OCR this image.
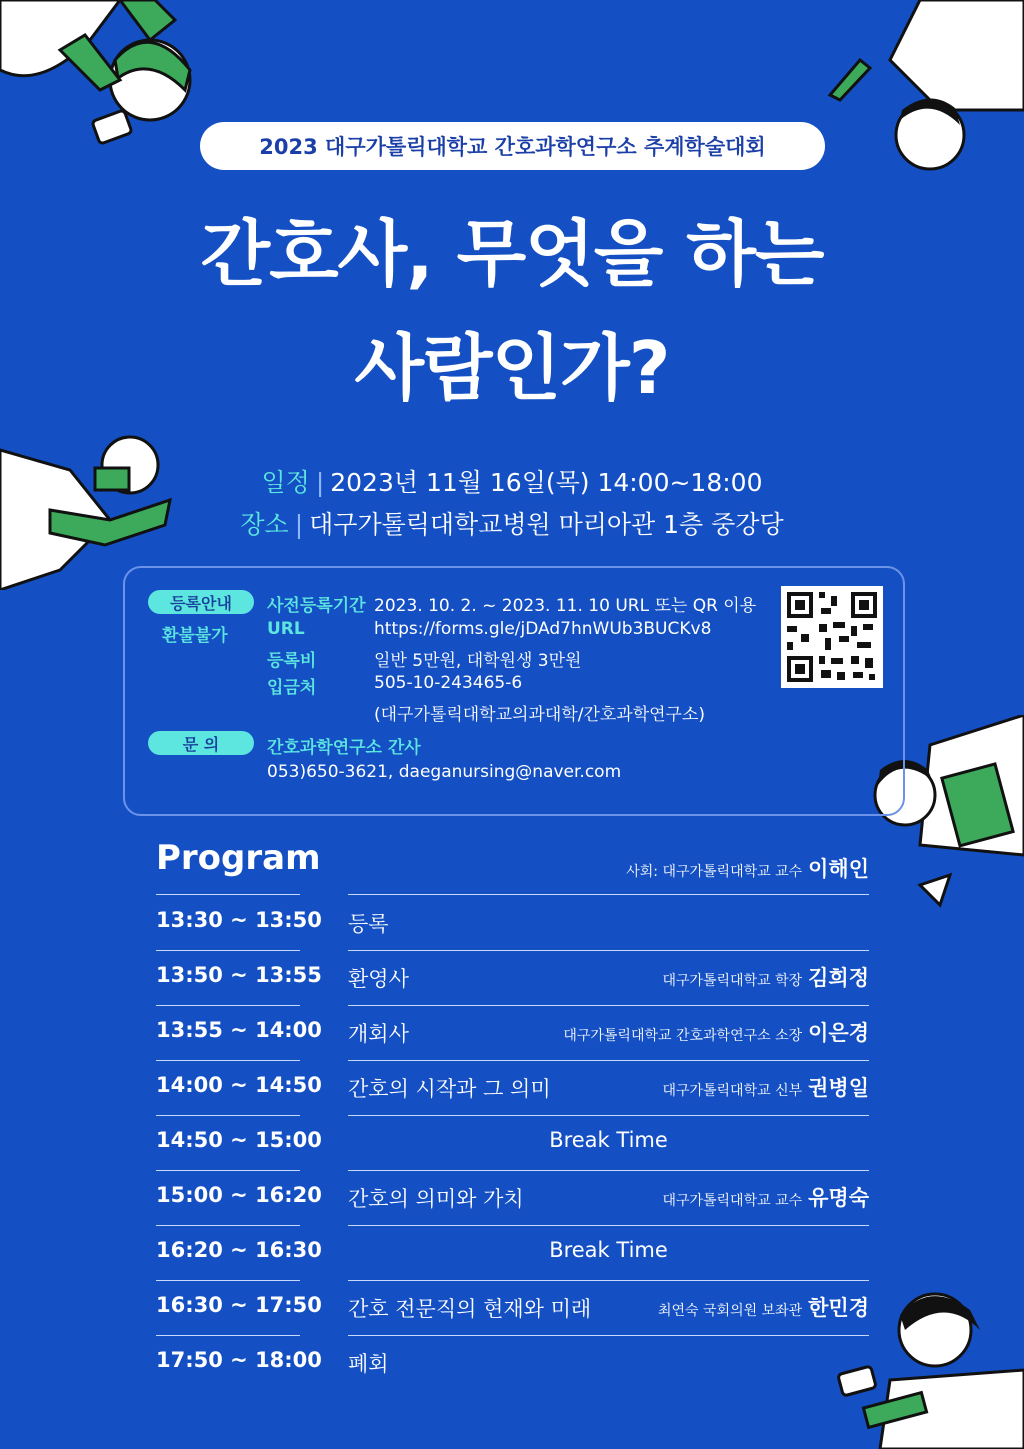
2023 대구가톨릭대학교 간호과학연구소 추계학술대회
간호사, 무엇을 하는
사람인가?
일정 | 2023년 11월 16일(목) 14:00~18:00
장소 | 대구가톨릭대학교병원 마리아관 1층 중강당
등록안내
환불불가
사전등록기간 2023. 10. 2. ~ 2023. 11. 10 URL 또는 QR 이용
URL	https://forms.gle/jDAd7hnWUb3BUCKv8
등록비	일반 5만원, 대학원생 3만원
입금처	505-10-243465-6
(대구가톨릭대학교의과대학/간호과학연구소)
문 의	간호과학연구소 간사
053)650-3621, daeganursing@naver.com
Program	사회: 대구가톨릭대학교 교수 이해인
13:30 ~ 13:50 등록
13:50 ~ 13:55 환영사	대구가톨릭대학교 학장 김희정
13:55 ~ 14:00 개회사	대구가톨릭대학교 간호과학연구소 소장 이은경
14:00 ~ 14:50 간호의 시작과 그 의미	대구가톨릭대학교 신부 권병일
14:50 ~ 15:00	Break Time
15:00 ~ 16:20 간호의 의미와 가치	대구가톨릭대학교 교수 유명숙
16:20 ~ 16:30	Break Time
16:30 ~ 17:50 간호 전문직의 현재와 미래	최연숙 국회의원 보좌관 한민경
17:50 ~ 18:00 폐회
